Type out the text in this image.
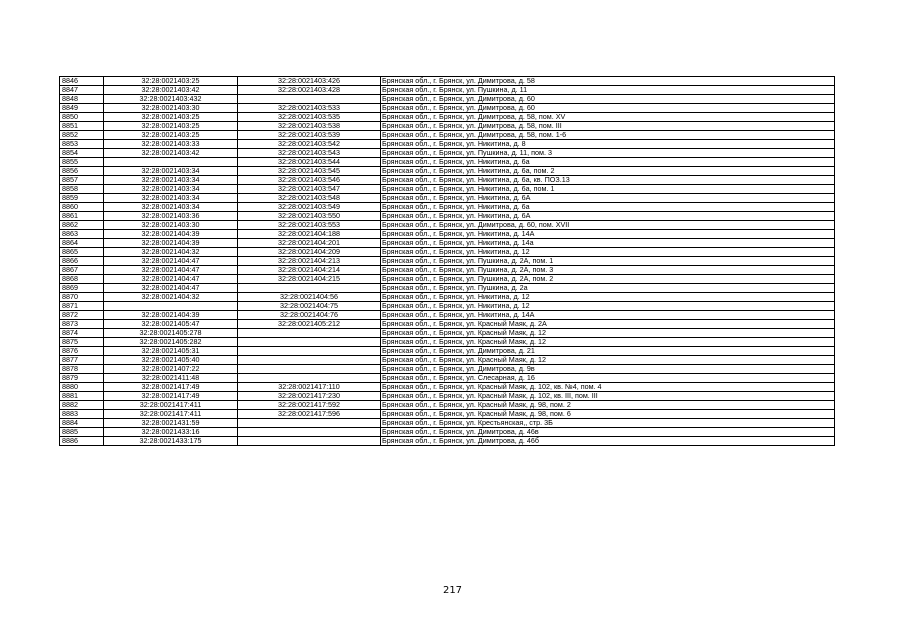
8846	32:28:0021403:25	32:28:0021403:426	Брянская обл., г. Брянск, ул. Димитрова, д. 58
8847	32:28:0021403:42	32:28:0021403:428	Брянская обл., г. Брянск, ул. Пушкина, д. 11
8848	32:28:0021403:432		Брянская обл., г. Брянск, ул. Димитрова, д. 60
8849	32:28:0021403:30	32:28:0021403:533	Брянская обл., г. Брянск, ул. Димитрова, д. 60
8850	32:28:0021403:25	32:28:0021403:535	Брянская обл., г. Брянск, ул. Димитрова, д. 58, пом. XV
8851	32:28:0021403:25	32:28:0021403:538	Брянская обл., г. Брянск, ул. Димитрова, д. 58, пом. III
8852	32:28:0021403:25	32:28:0021403:539	Брянская обл., г. Брянск, ул. Димитрова, д. 58, пом. 1-6
8853	32:28:0021403:33	32:28:0021403:542	Брянская обл., г. Брянск, ул. Никитина, д. 8
8854	32:28:0021403:42	32:28:0021403:543	Брянская обл., г. Брянск, ул. Пушкина, д. 11, пом. 3
8855		32:28:0021403:544	Брянская обл., г. Брянск, ул. Никитина, д. 6а
8856	32:28:0021403:34	32:28:0021403:545	Брянская обл., г. Брянск, ул. Никитина, д. 6а, пом. 2
8857	32:28:0021403:34	32:28:0021403:546	Брянская обл., г. Брянск, ул. Никитина, д. 6а, кв. ПОЗ.13
8858	32:28:0021403:34	32:28:0021403:547	Брянская обл., г. Брянск, ул. Никитина, д. 6а, пом. 1
8859	32:28:0021403:34	32:28:0021403:548	Брянская обл., г. Брянск, ул. Никитина, д. 6А
8860	32:28:0021403:34	32:28:0021403:549	Брянская обл., г. Брянск, ул. Никитина, д. 6а
8861	32:28:0021403:36	32:28:0021403:550	Брянская обл., г. Брянск, ул. Никитина, д. 6А
8862	32:28:0021403:30	32:28:0021403:553	Брянская обл., г. Брянск, ул. Димитрова, д. 60, пом. XVII
8863	32:28:0021404:39	32:28:0021404:188	Брянская обл., г. Брянск, ул. Никитина, д. 14А
8864	32:28:0021404:39	32:28:0021404:201	Брянская обл., г. Брянск, ул. Никитина, д. 14а
8865	32:28:0021404:32	32:28:0021404:209	Брянская обл., г. Брянск, ул. Никитина, д. 12
8866	32:28:0021404:47	32:28:0021404:213	Брянская обл., г. Брянск, ул. Пушкина, д. 2А, пом. 1
8867	32:28:0021404:47	32:28:0021404:214	Брянская обл., г. Брянск, ул. Пушкина, д. 2А, пом. 3
8868	32:28:0021404:47	32:28:0021404:215	Брянская обл., г. Брянск, ул. Пушкина, д. 2А, пом. 2
8869	32:28:0021404:47		Брянская обл., г. Брянск, ул. Пушкина, д. 2а
8870	32:28:0021404:32	32:28:0021404:56	Брянская обл., г. Брянск, ул. Никитина, д. 12
8871		32:28:0021404:75	Брянская обл., г. Брянск, ул. Никитина, д. 12
8872	32:28:0021404:39	32:28:0021404:76	Брянская обл., г. Брянск, ул. Никитина, д. 14А
8873	32:28:0021405:47	32:28:0021405:212	Брянская обл., г. Брянск, ул. Красный Маяк, д. 2А
8874	32:28:0021405:278		Брянская обл., г. Брянск, ул. Красный Маяк, д. 12
8875	32:28:0021405:282		Брянская обл., г. Брянск, ул. Красный Маяк, д. 12
8876	32:28:0021405:31		Брянская обл., г. Брянск, ул. Димитрова, д. 21
8877	32:28:0021405:40		Брянская обл., г. Брянск, ул. Красный Маяк, д. 12
8878	32:28:0021407:22		Брянская обл., г. Брянск, ул. Димитрова, д. 9в
8879	32:28:0021411:48		Брянская обл., г. Брянск, ул. Слесарная, д. 16
8880	32:28:0021417:49	32:28:0021417:110	Брянская обл., г. Брянск, ул. Красный Маяк, д. 102, кв. №4, пом. 4
8881	32:28:0021417:49	32:28:0021417:230	Брянская обл., г. Брянск, ул. Красный Маяк, д. 102, кв. III, пом. III
8882	32:28:0021417:411	32:28:0021417:592	Брянская обл., г. Брянск, ул. Красный Маяк, д. 98, пом. 2
8883	32:28:0021417:411	32:28:0021417:596	Брянская обл., г. Брянск, ул. Красный Маяк, д. 98, пом. 6
8884	32:28:0021431:59		Брянская обл., г. Брянск, ул. Крестьянская,, стр. 3Б
8885	32:28:0021433:16		Брянская обл., г. Брянск, ул. Димитрова, д. 46в
8886	32:28:0021433:175		Брянская обл., г. Брянск, ул. Димитрова, д. 46б
217
